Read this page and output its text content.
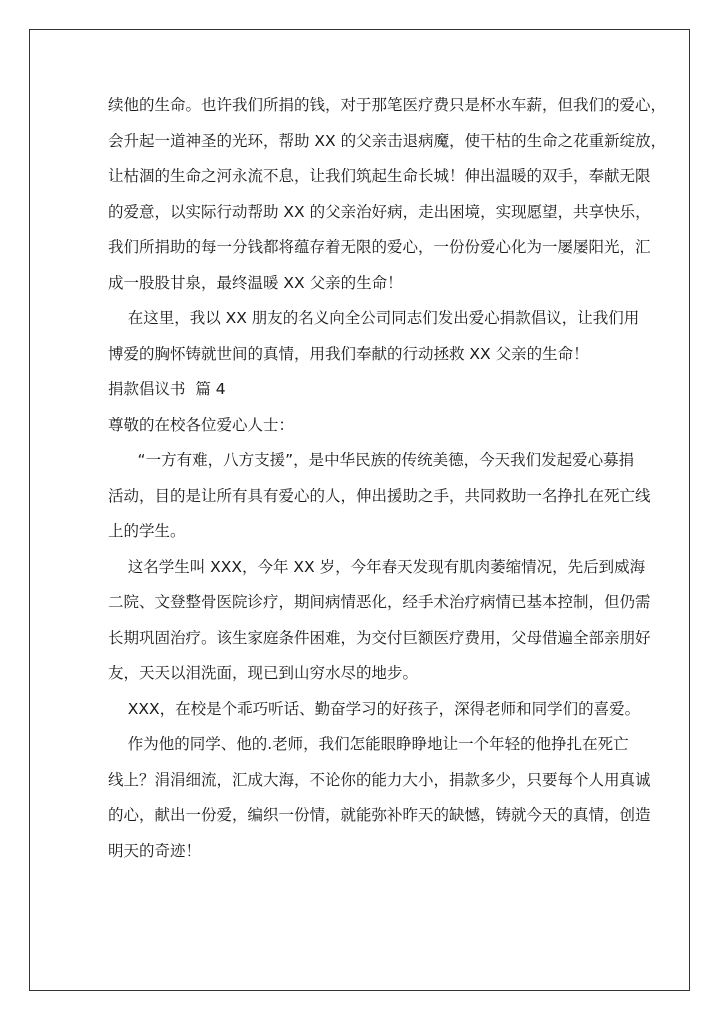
续他的生命。也许我们所捐的钱，对于那笔医疗费只是杯水车薪，但我们的爱心，

会升起一道神圣的光环，帮助 XX 的父亲击退病魔，使干枯的生命之花重新绽放，

让枯涸的生命之河永流不息，让我们筑起生命长城！伸出温暖的双手，奉献无限

的爱意，以实际行动帮助 XX 的父亲治好病，走出困境，实现愿望，共享快乐，

我们所捐助的每一分钱都将蕴存着无限的爱心，一份份爱心化为一屡屡阳光，汇

成一股股甘泉，最终温暖 XX 父亲的生命！

在这里，我以 XX 朋友的名义向全公司同志们发出爱心捐款倡议，让我们用

博爱的胸怀铸就世间的真情，用我们奉献的行动拯救 XX 父亲的生命！

捐款倡议书  篇 4

尊敬的在校各位爱心人士：

“一方有难，八方支援”，是中华民族的传统美德，今天我们发起爱心募捐

活动，目的是让所有具有爱心的人，伸出援助之手，共同救助一名挣扎在死亡线

上的学生。

这名学生叫 XXX，今年 XX 岁，今年春天发现有肌肉萎缩情况，先后到威海

二院、文登整骨医院诊疗，期间病情恶化，经手术治疗病情已基本控制，但仍需

长期巩固治疗。该生家庭条件困难，为交付巨额医疗费用，父母借遍全部亲朋好

友，天天以泪洗面，现已到山穷水尽的地步。

XXX，在校是个乖巧听话、勤奋学习的好孩子，深得老师和同学们的喜爱。

作为他的同学、他的.老师，我们怎能眼睁睁地让一个年轻的他挣扎在死亡

线上？涓涓细流，汇成大海，不论你的能力大小，捐款多少，只要每个人用真诚

的心，献出一份爱，编织一份情，就能弥补昨天的缺憾，铸就今天的真情，创造

明天的奇迹！
